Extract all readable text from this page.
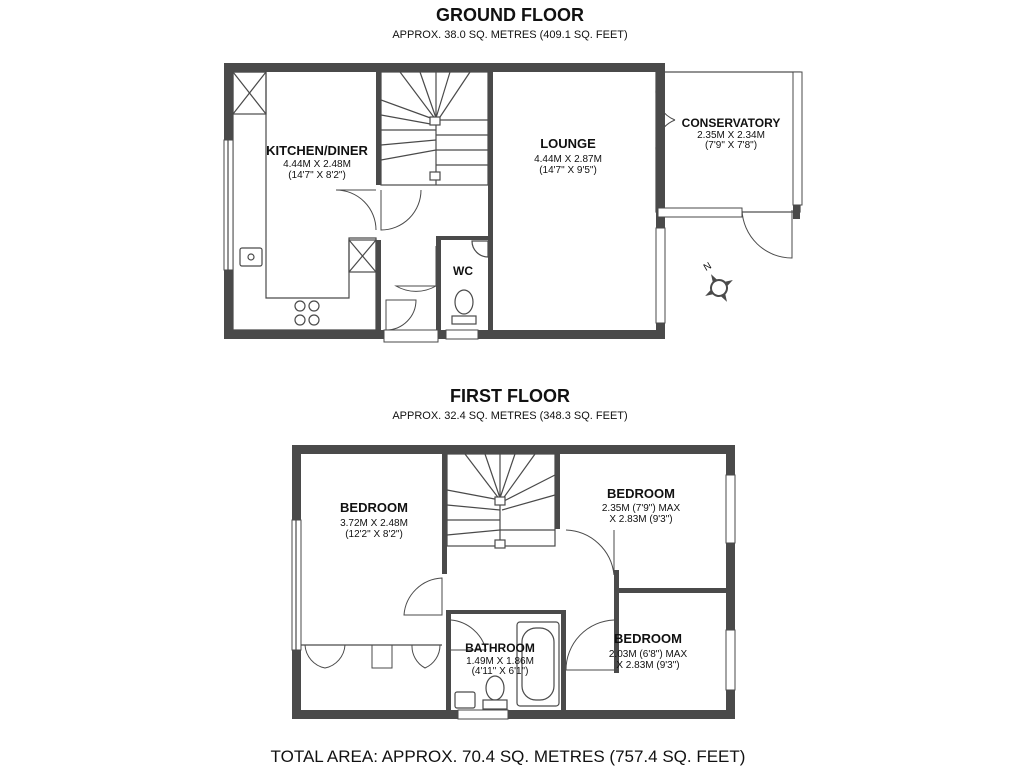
GROUND FLOOR
APPROX. 38.0 SQ. METRES (409.1 SQ. FEET)
N
KITCHEN/DINER
4.44M X 2.48M
(14'7" X 8'2")
LOUNGE
4.44M X 2.87M
(14'7" X 9'5")
CONSERVATORY
2.35M X 2.34M
(7'9" X 7'8")
WC
FIRST FLOOR
APPROX. 32.4 SQ. METRES (348.3 SQ. FEET)
BEDROOM
3.72M X 2.48M
(12'2" X 8'2")
BEDROOM
2.35M (7'9") MAX
X 2.83M (9'3")
BEDROOM
2.03M (6'8") MAX
X 2.83M (9'3")
BATHROOM
1.49M X 1.86M
(4'11" X 6'1")
TOTAL AREA: APPROX. 70.4 SQ. METRES (757.4 SQ. FEET)
